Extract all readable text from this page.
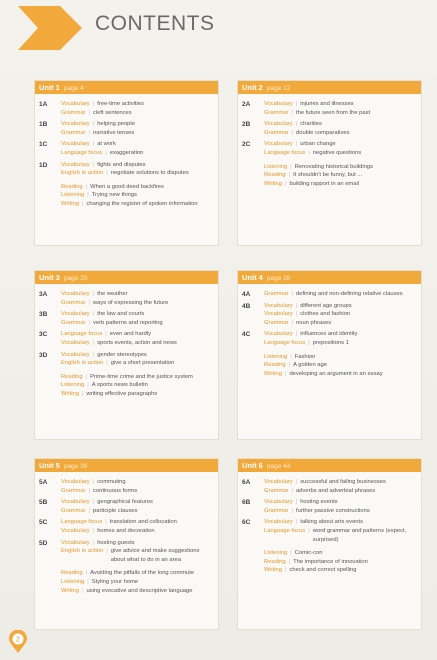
CONTENTS
Unit 1 page 4
1A	Vocabulary | free-time activities
Grammar | cleft sentences
1B	Vocabulary | helping people
Grammar | narrative tenses
1C	Vocabulary | at work
Language focus | exaggeration
1D	Vocabulary | fights and disputes
English in action | negotiate solutions to disputes
Reading | When a good deed backfires
Listening | Trying new things
Writing | changing the register of spoken information
Unit 2 page 12
2A	Vocabulary | injuries and illnesses
Grammar | the future seen from the past
2B	Vocabulary | charities
Grammar | double comparatives
2C	Vocabulary | urban change
Language focus | negative questions
Listening | Renovating historical buildings
Reading | It shouldn't be funny, but ...
Writing | building rapport in an email
Unit 3 page 20
3A	Vocabulary | the weather
Grammar | ways of expressing the future
3B	Vocabulary | the law and courts
Grammar | verb patterns and reporting
3C	Language focus | even and hardly
Vocabulary | sports events, action and news
3D	Vocabulary | gender stereotypes
English in action | give a short presentation
Reading | Prime-time crime and the justice system
Listening | A sports news bulletin
Writing | writing effective paragraphs
Unit 4 page 28
4A	Grammar | defining and non-defining relative clauses
4B	Vocabulary | different age groups
Vocabulary | clothes and fashion
Grammar | noun phrases
4C	Vocabulary | influences and identity
Language focus | prepositions 1
Listening | Fashion
Reading | A golden age
Writing | developing an argument in an essay
Unit 5 page 36
5A	Vocabulary | commuting
Grammar | continuous forms
5B	Vocabulary | geographical features
Grammar | participle clauses
5C	Language focus | translation and collocation
Vocabulary | homes and decoration
5D	Vocabulary | hosting guests
English in action | give advice and make suggestions about what to do in an area
Reading | Avoiding the pitfalls of the long commute
Listening | Styling your home
Writing | using evocative and descriptive language
Unit 6 page 44
6A	Vocabulary | successful and failing businesses
Grammar | adverbs and adverbial phrases
6B	Vocabulary | hosting events
Grammar | further passive constructions
6C	Vocabulary | talking about arts events
Language focus | word grammar and patterns (expect, surprised)
Listening | Comic-con
Reading | The importance of innovation
Writing | check and correct spelling
2
